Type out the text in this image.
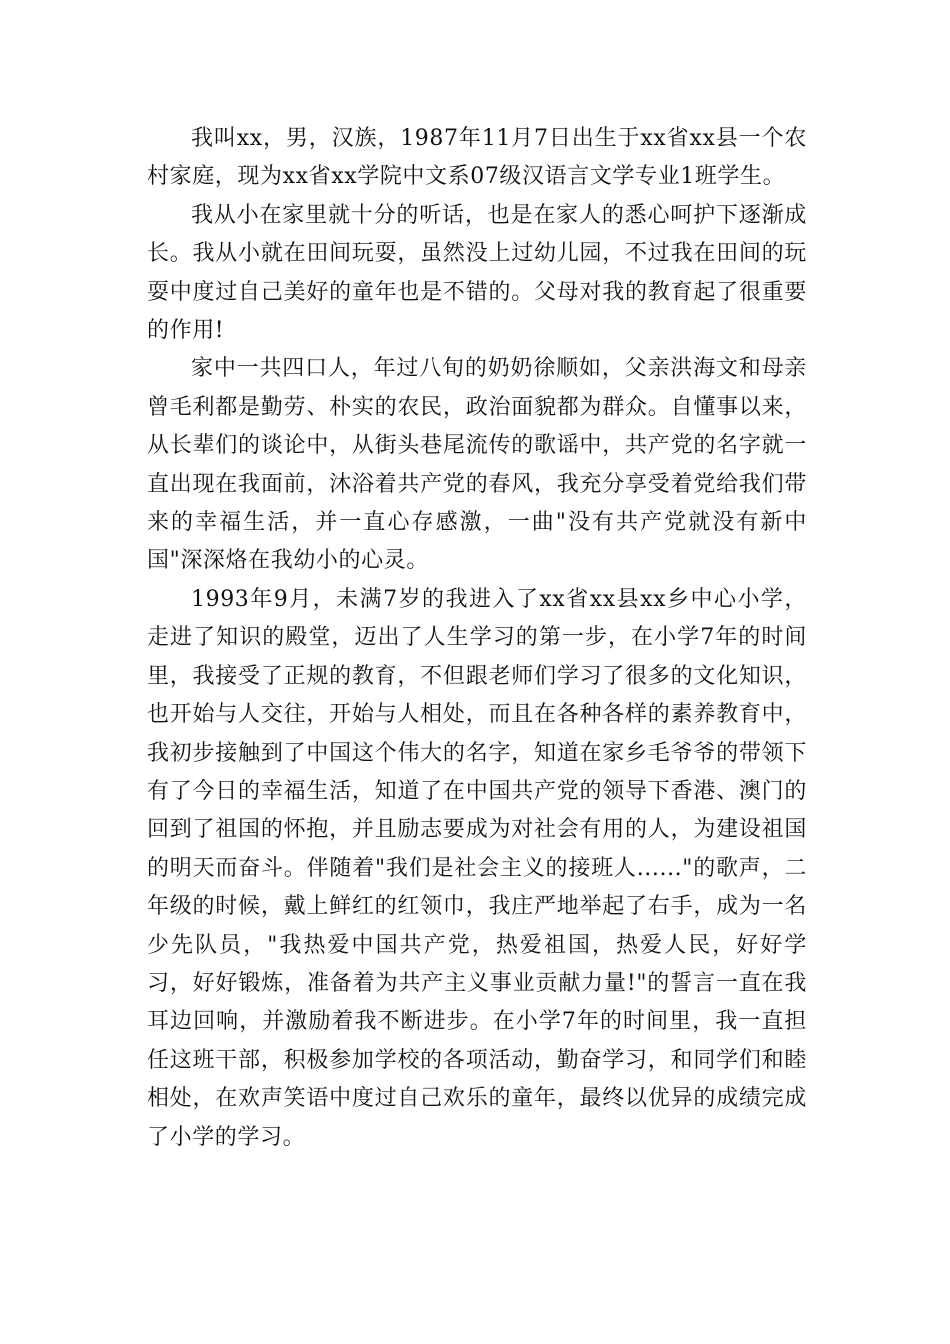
我叫xx，男，汉族，1987年11月7日出生于xx省xx县一个农村家庭，现为xx省xx学院中文系07级汉语言文学专业1班学生。

我从小在家里就十分的听话，也是在家人的悉心呵护下逐渐成长。我从小就在田间玩耍，虽然没上过幼儿园，不过我在田间的玩耍中度过自己美好的童年也是不错的。父母对我的教育起了很重要的作用!

家中一共四口人，年过八旬的奶奶徐顺如，父亲洪海文和母亲曾毛利都是勤劳、朴实的农民，政治面貌都为群众。自懂事以来，从长辈们的谈论中，从街头巷尾流传的歌谣中，共产党的名字就一直出现在我面前，沐浴着共产党的春风，我充分享受着党给我们带来的幸福生活，并一直心存感激，一曲"没有共产党就没有新中国"深深烙在我幼小的心灵。

1993年9月，未满7岁的我进入了xx省xx县xx乡中心小学，走进了知识的殿堂，迈出了人生学习的第一步，在小学7年的时间里，我接受了正规的教育，不但跟老师们学习了很多的文化知识，也开始与人交往，开始与人相处，而且在各种各样的素养教育中，我初步接触到了中国这个伟大的名字，知道在家乡毛爷爷的带领下有了今日的幸福生活，知道了在中国共产党的领导下香港、澳门的回到了祖国的怀抱，并且励志要成为对社会有用的人，为建设祖国的明天而奋斗。伴随着"我们是社会主义的接班人......"的歌声，二年级的时候，戴上鲜红的红领巾，我庄严地举起了右手，成为一名少先队员，"我热爱中国共产党，热爱祖国，热爱人民，好好学习，好好锻炼，准备着为共产主义事业贡献力量!"的誓言一直在我耳边回响，并激励着我不断进步。在小学7年的时间里，我一直担任这班干部，积极参加学校的各项活动，勤奋学习，和同学们和睦相处，在欢声笑语中度过自己欢乐的童年，最终以优异的成绩完成了小学的学习。
